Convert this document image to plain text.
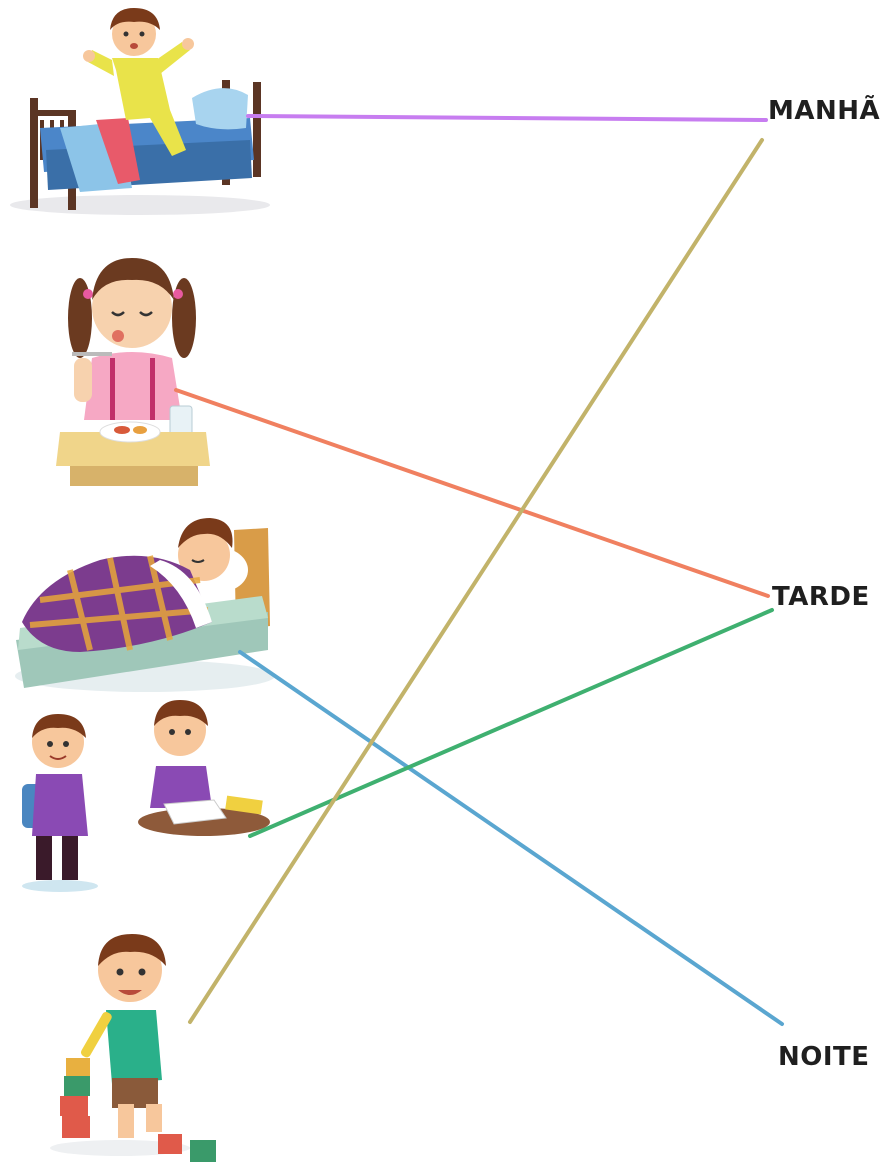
MANHÃ
TARDE
NOITE
